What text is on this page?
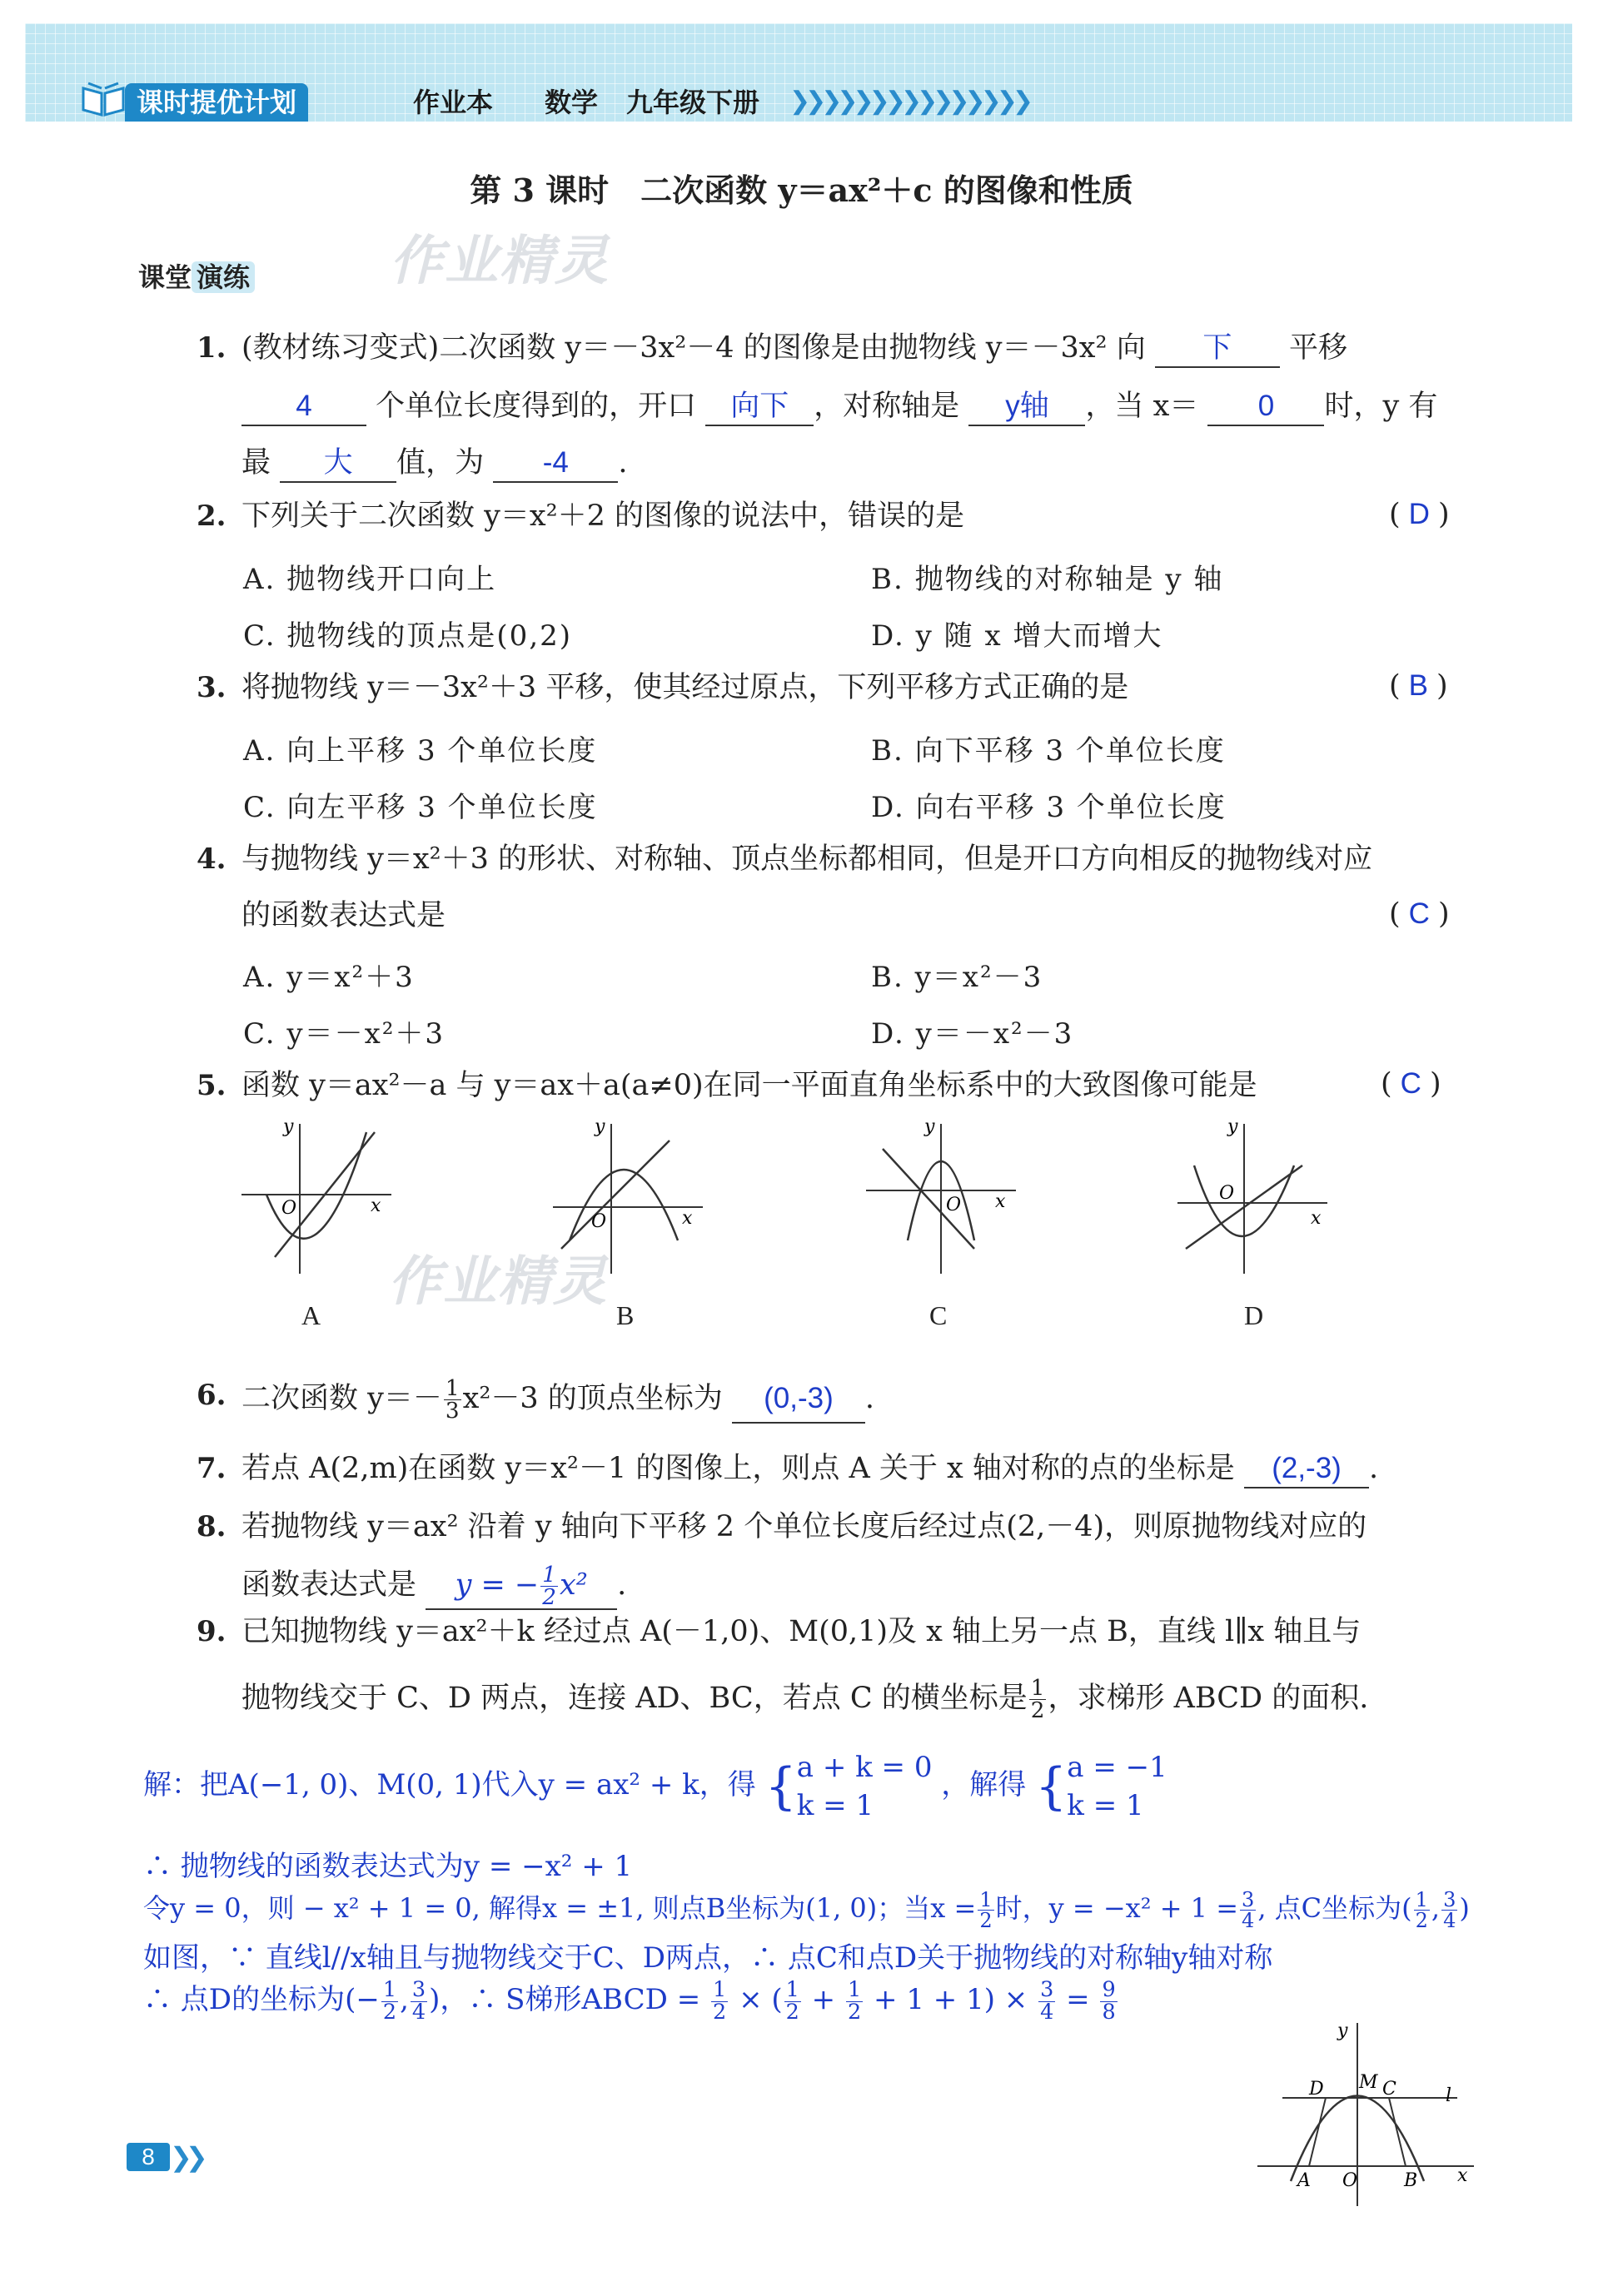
课时提优计划	作业本 数学 九年级下册 ❯❯❯❯❯❯❯❯❯❯❯❯❯❯❯
第 3 课时　二次函数 y＝ax²＋c 的图像和性质
课堂 演练	作业精灵
1. (教材练习变式)二次函数 y＝－3x²－4 的图像是由抛物线 y＝－3x² 向 下 平移
4 个单位长度得到的，开口 向下 ，对称轴是 y轴 ，当 x＝ 0 时，y 有
最 大 值，为 -4 .
2. 下列关于二次函数 y＝x²＋2 的图像的说法中，错误的是	( D )
A. 抛物线开口向上	B. 抛物线的对称轴是 y 轴
C. 抛物线的顶点是(0,2)	D. y 随 x 增大而增大
3. 将抛物线 y＝－3x²＋3 平移，使其经过原点，下列平移方式正确的是	( B )
A. 向上平移 3 个单位长度	B. 向下平移 3 个单位长度
C. 向左平移 3 个单位长度	D. 向右平移 3 个单位长度
4. 与抛物线 y＝x²＋3 的形状、对称轴、顶点坐标都相同，但是开口方向相反的抛物线对应
的函数表达式是	( C )
A. y＝x²＋3	B. y＝x²－3
C. y＝－x²＋3	D. y＝－x²－3
5. 函数 y＝ax²－a 与 y＝ax＋a(a≠0)在同一平面直角坐标系中的大致图像可能是	( C )
y
O	x
y
O	x
y
O x
y
O
x
A	B	C	D
作业精灵
6. 二次函数 $y=- \frac{1}{3} x^2-3$ 的顶点坐标为 (0,-3) .
7. 若点 A(2,m)在函数 y＝x²－1 的图像上，则点 A 关于 x 轴对称的点的坐标是 (2,-3) .
8. 若抛物线 y＝ax² 沿着 y 轴向下平移 2 个单位长度后经过点(2,－4)，则原抛物线对应的
函数表达式是 y = − $\frac{1}{2} x^2$ .
9. 已知抛物线 y＝ax²＋k 经过点 A(－1,0)、M(0,1)及 x 轴上另一点 B，直线 l∥x 轴且与
抛物线交于 C、D 两点，连接 AD、BC，若点 C 的横坐标是 $\frac{1}{2}$ ，求梯形 ABCD 的面积.
解：把A(−1, 0)、M(0, 1)代入y = ax² + k，得 { a + k = 0
k = 1
，解得 { a = −1
k = 1
∴ 抛物线的函数表达式为y = −x² + 1
令y = 0，则 − x² + 1 = 0, 解得x = ±1, 则点B坐标为(1, 0)；当$x = \frac{1}{2}$ 时，$y = -x^2 + 1 = \frac{3}{4}$ , 点C坐标为( $\frac{1}{2}$ , $\frac{3}{4}$ )
如图，∵ 直线l//x轴且与抛物线交于C、D两点，∴ 点C和点D关于抛物线的对称轴y轴对称
∴ 点D的坐标为(− $\frac{1}{2}$ , $\frac{3}{4}$ )，∴ S梯形ABCD = $\frac{1}{2}$ × ( $\frac{1}{2} + \frac{1}{2} + 1 + 1) \times \frac{3}{4} = \frac{9}{8}$
y
D M C	l
A O	B x
8 ❯❯
